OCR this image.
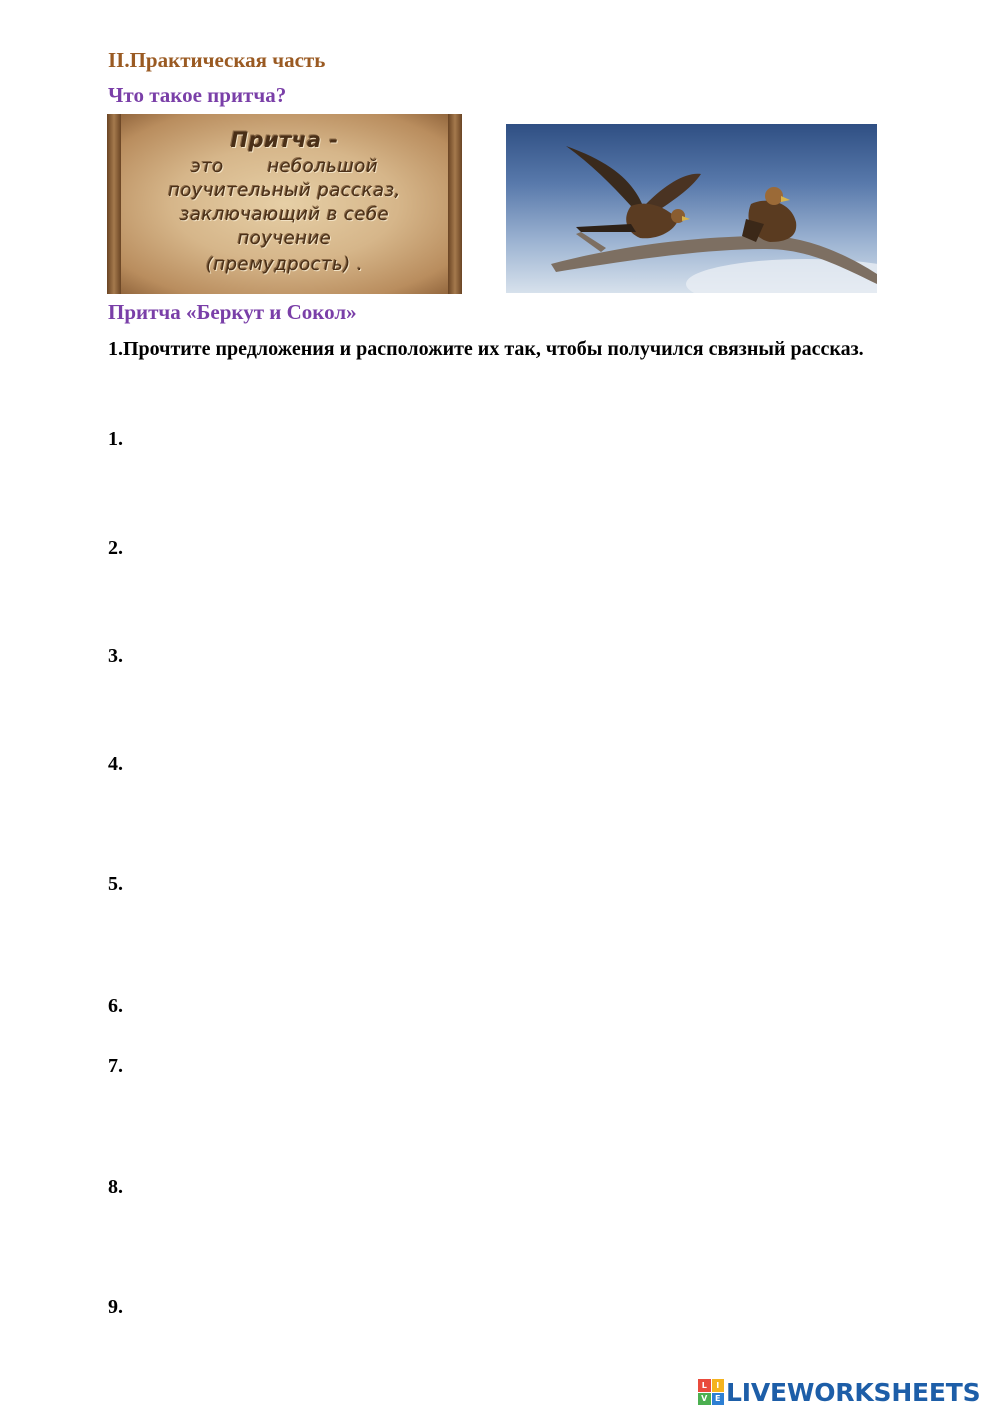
II.Практическая часть
Что такое притча?
Притча -
это       небольшой
поучительный рассказ,
заключающий в себе
поучение
(премудрость) .
Притча «Беркут и Сокол»
1.Прочтите предложения и расположите их так, чтобы получился связный рассказ.
1.
2.
3.
4.
5.
6.
7.
8.
9.
L	I
V E LIVEWORKSHEETS
